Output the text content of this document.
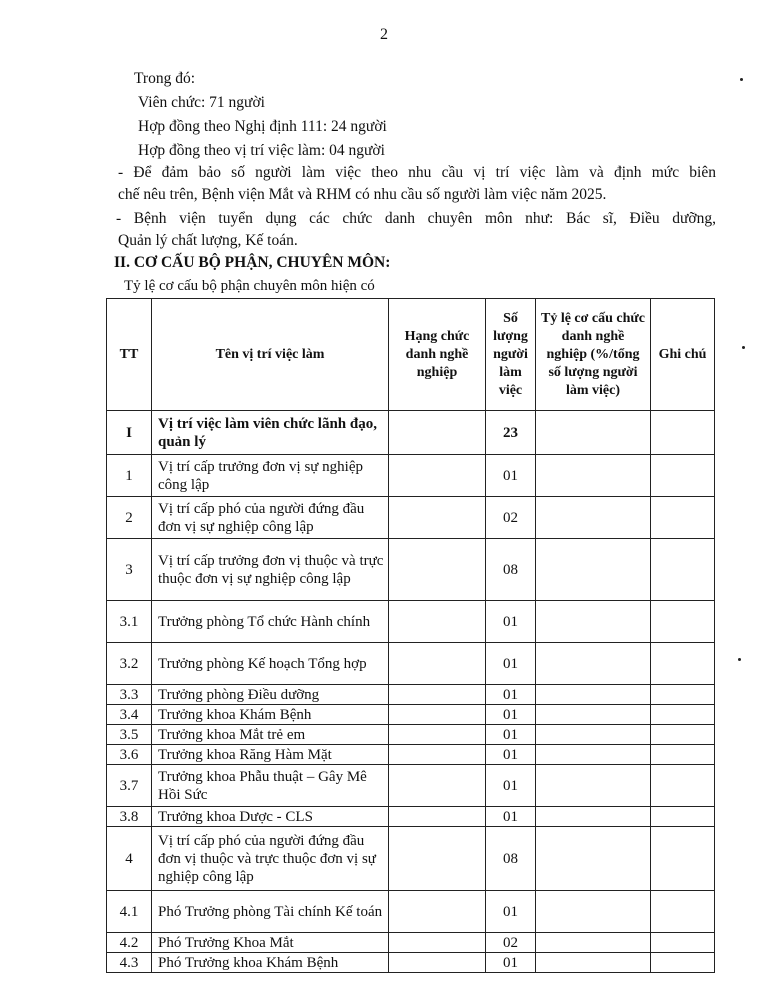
2
Trong đó:
Viên chức: 71 người
Hợp đồng theo Nghị định 111: 24 người
Hợp đồng theo vị trí việc làm: 04 người
- Để đảm bảo số người làm việc theo nhu cầu vị trí việc làm và định mức biên
chế nêu trên, Bệnh viện Mắt và RHM có nhu cầu số người làm việc năm 2025.
- Bệnh viện tuyển dụng các chức danh chuyên môn như: Bác sĩ, Điều dưỡng,
Quản lý chất lượng, Kế toán.
II. CƠ CẤU BỘ PHẬN, CHUYÊN MÔN:
Tỷ lệ cơ cấu bộ phận chuyên môn hiện có
TT	Tên vị trí việc làm	Hạng chức danh nghề nghiệp	Số lượng người làm việc	Tỷ lệ cơ cấu chức danh nghề nghiệp (%/tổng số lượng người làm việc)	Ghi chú
I	Vị trí việc làm viên chức lãnh đạo, quản lý		23		
1	Vị trí cấp trưởng đơn vị sự nghiệp công lập		01		
2	Vị trí cấp phó của người đứng đầu đơn vị sự nghiệp công lập		02		
3	Vị trí cấp trưởng đơn vị thuộc và trực thuộc đơn vị sự nghiệp công lập		08		
3.1	Trưởng phòng Tổ chức Hành chính		01		
3.2	Trưởng phòng Kế hoạch Tổng hợp		01		
3.3	Trưởng phòng Điều dưỡng		01		
3.4	Trưởng khoa Khám Bệnh		01		
3.5	Trưởng khoa Mắt trẻ em		01		
3.6	Trưởng khoa Răng Hàm Mặt		01		
3.7	Trưởng khoa Phẫu thuật – Gây Mê Hồi Sức		01		
3.8	Trưởng khoa Dược - CLS		01		
4	Vị trí cấp phó của người đứng đầu đơn vị thuộc và trực thuộc đơn vị sự nghiệp công lập		08		
4.1	Phó Trưởng phòng Tài chính Kế toán		01		
4.2	Phó Trưởng Khoa Mắt		02		
4.3	Phó Trưởng khoa Khám Bệnh		01		
